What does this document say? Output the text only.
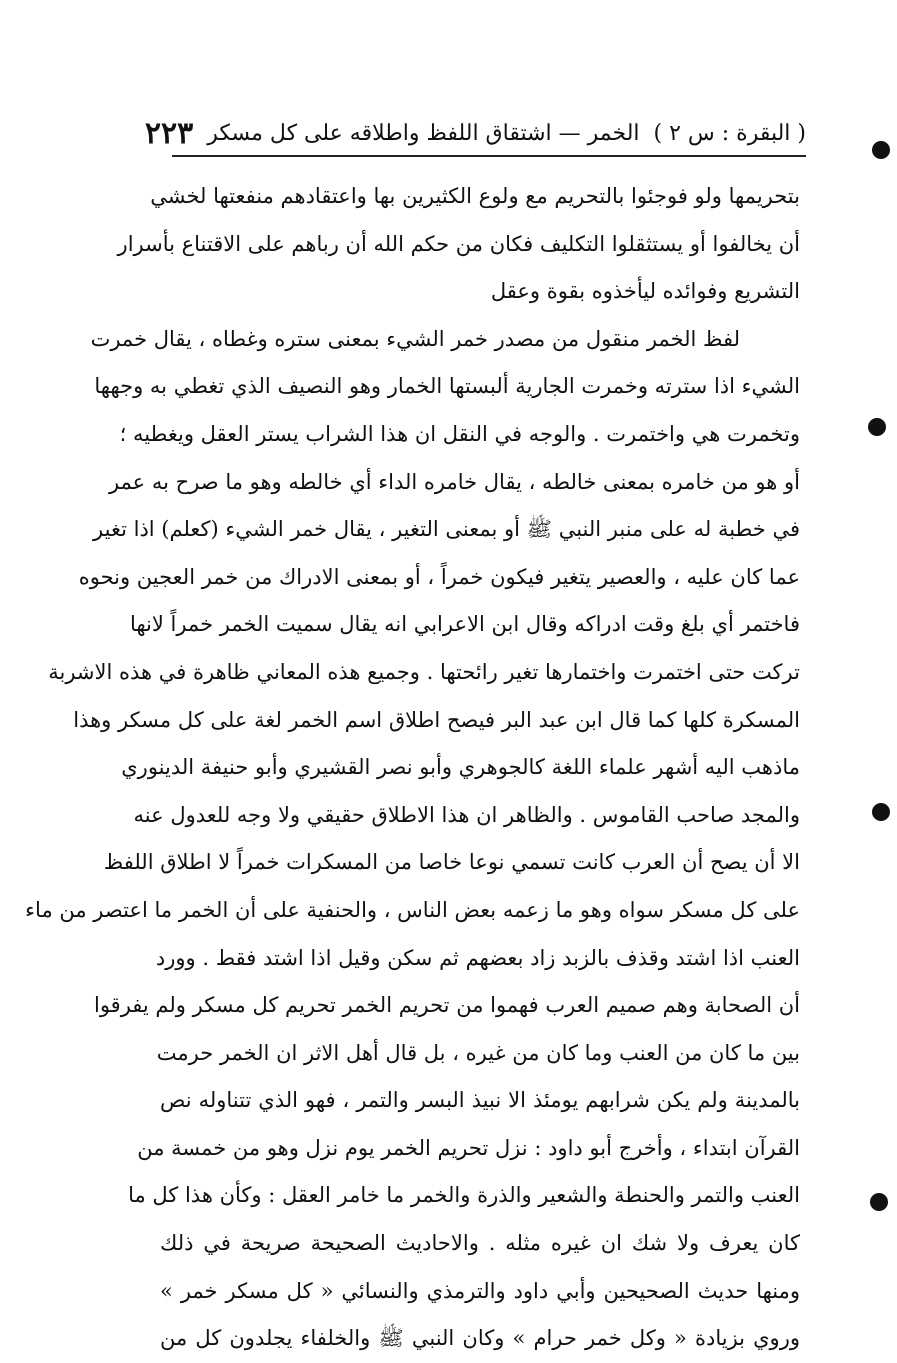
( البقرة : س ٢ )
الخمر — اشتقاق اللفظ واطلاقه على كل مسكر
٢٢٣
بتحريمها ولو فوجئوا بالتحريم مع ولوع الكثيرين بها واعتقادهم منفعتها لخشي
أن يخالفوا أو يستثقلوا التكليف فكان من حكم الله أن رباهم على الاقتناع بأسرار
التشريع وفوائده ليأخذوه بقوة وعقل
لفظ الخمر منقول من مصدر خمر الشيء بمعنى ستره وغطاه ، يقال خمرت
الشيء اذا سترته وخمرت الجارية ألبستها الخمار وهو النصيف الذي تغطي به وجهها
وتخمرت هي واختمرت . والوجه في النقل ان هذا الشراب يستر العقل ويغطيه ؛
أو هو من خامره بمعنى خالطه ، يقال خامره الداء أي خالطه وهو ما صرح به عمر
في خطبة له على منبر النبي ﷺ أو بمعنى التغير ، يقال خمر الشيء (كعلم) اذا تغير
عما كان عليه ، والعصير يتغير فيكون خمراً ، أو بمعنى الادراك من خمر العجين ونحوه
فاختمر أي بلغ وقت ادراكه وقال ابن الاعرابي انه يقال سميت الخمر خمراً لانها
تركت حتى اختمرت واختمارها تغير رائحتها . وجميع هذه المعاني ظاهرة في هذه الاشربة
المسكرة كلها كما قال ابن عبد البر فيصح اطلاق اسم الخمر لغة على كل مسكر وهذا
ماذهب اليه أشهر علماء اللغة كالجوهري وأبو نصر القشيري وأبو حنيفة الدينوري
والمجد صاحب القاموس . والظاهر ان هذا الاطلاق حقيقي ولا وجه للعدول عنه
الا أن يصح أن العرب كانت تسمي نوعا خاصا من المسكرات خمراً لا اطلاق اللفظ
على كل مسكر سواه وهو ما زعمه بعض الناس ، والحنفية على أن الخمر ما اعتصر من ماء
العنب اذا اشتد وقذف بالزبد زاد بعضهم ثم سكن وقيل اذا اشتد فقط . وورد
أن الصحابة وهم صميم العرب فهموا من تحريم الخمر تحريم كل مسكر ولم يفرقوا
بين ما كان من العنب وما كان من غيره ، بل قال أهل الاثر ان الخمر حرمت
بالمدينة ولم يكن شرابهم يومئذ الا نبيذ البسر والتمر ، فهو الذي تتناوله نص
القرآن ابتداء ، وأخرج أبو داود : نزل تحريم الخمر يوم نزل وهو من خمسة من
العنب والتمر والحنطة والشعير والذرة والخمر ما خامر العقل : وكأن هذا كل ما
كان يعرف ولا شك ان غيره مثله . والاحاديث الصحيحة صريحة في ذلك
ومنها حديث الصحيحين وأبي داود والترمذي والنسائي « كل مسكر خمر »
وروي بزيادة « وكل خمر حرام » وكان النبي ﷺ والخلفاء يجلدون كل من
